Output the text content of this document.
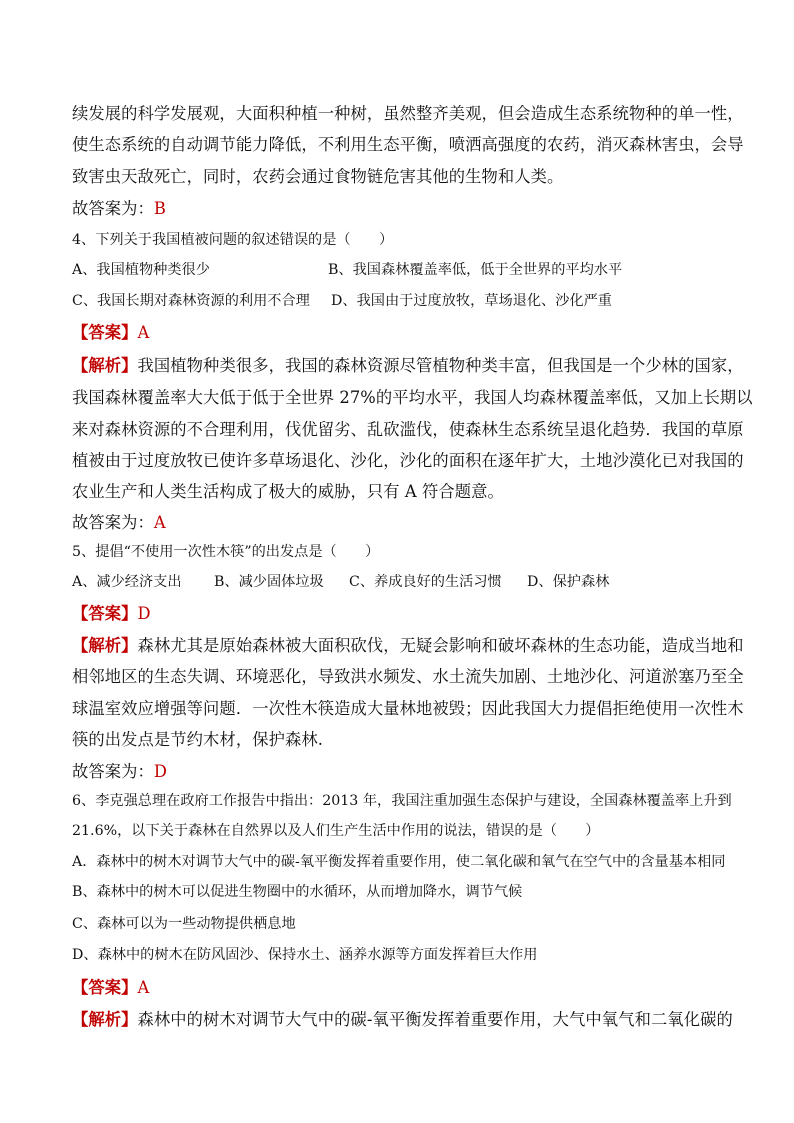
续发展的科学发展观，大面积种植一种树，虽然整齐美观，但会造成生态系统物种的单一性，
使生态系统的自动调节能力降低，不利用生态平衡，喷洒高强度的农药，消灭森林害虫，会导
致害虫天敌死亡，同时，农药会通过食物链危害其他的生物和人类。
故答案为：B
4、下列关于我国植被问题的叙述错误的是（　　）
A、我国植物种类很少	B、我国森林覆盖率低，低于全世界的平均水平
C、我国长期对森林资源的利用不合理 D、我国由于过度放牧，草场退化、沙化严重
【答案】A
【解析】我国植物种类很多，我国的森林资源尽管植物种类丰富，但我国是一个少林的国家，
我国森林覆盖率大大低于低于全世界 27%的平均水平，我国人均森林覆盖率低，又加上长期以
来对森林资源的不合理利用，伐优留劣、乱砍滥伐，使森林生态系统呈退化趋势．我国的草原
植被由于过度放牧已使许多草场退化、沙化，沙化的面积在逐年扩大，土地沙漠化已对我国的
农业生产和人类生活构成了极大的威胁，只有 A 符合题意。
故答案为：A
5、提倡“不使用一次性木筷”的出发点是（　　）
A、减少经济支出 B、减少固体垃圾 C、养成良好的生活习惯 D、保护森林
【答案】D
【解析】森林尤其是原始森林被大面积砍伐，无疑会影响和破坏森林的生态功能，造成当地和
相邻地区的生态失调、环境恶化，导致洪水频发、水土流失加剧、土地沙化、河道淤塞乃至全
球温室效应增强等问题．一次性木筷造成大量林地被毁；因此我国大力提倡拒绝使用一次性木
筷的出发点是节约木材，保护森林.
故答案为：D
6、李克强总理在政府工作报告中指出：2013 年，我国注重加强生态保护与建设，全国森林覆盖率上升到
21.6%，以下关于森林在自然界以及人们生产生活中作用的说法，错误的是（　　）
A．森林中的树木对调节大气中的碳-氧平衡发挥着重要作用，使二氧化碳和氧气在空气中的含量基本相同
B、森林中的树木可以促进生物圈中的水循环，从而增加降水，调节气候
C、森林可以为一些动物提供栖息地
D、森林中的树木在防风固沙、保持水土、涵养水源等方面发挥着巨大作用
【答案】A
【解析】森林中的树木对调节大气中的碳-氧平衡发挥着重要作用，大气中氧气和二氧化碳的
